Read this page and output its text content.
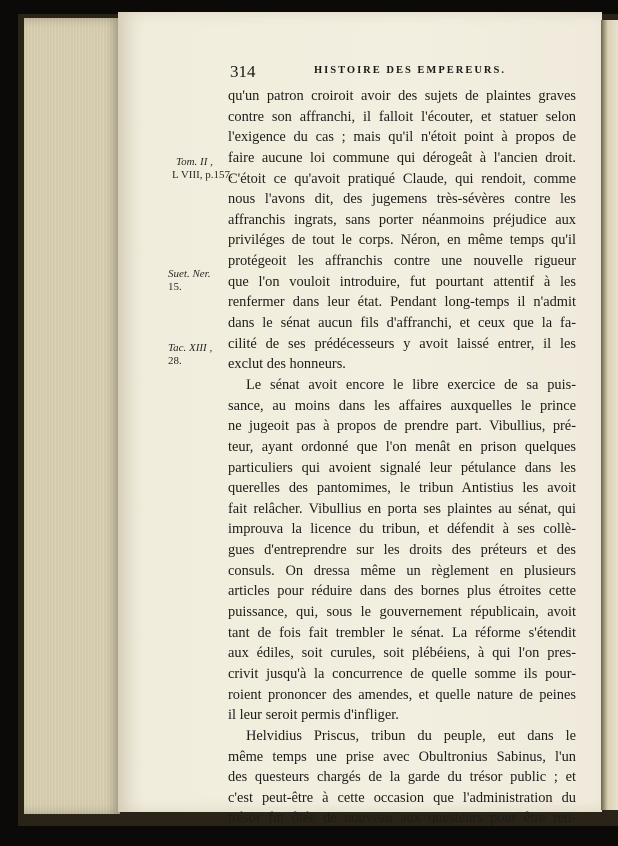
314	HISTOIRE DES EMPEREURS.
Tom. II ,
L VIII, p.157.
Suet. Ner.
15.
Tac. XIII ,
28.
qu'un patron croiroit avoir des sujets de plaintes graves
contre son affranchi, il falloit l'écouter, et statuer selon
l'exigence du cas ; mais qu'il n'étoit point à propos de
faire aucune loi commune qui dérogeât à l'ancien droit.
C'étoit ce qu'avoit pratiqué Claude, qui rendoit, comme
nous l'avons dit, des jugemens très-sévères contre les
affranchis ingrats, sans porter néanmoins préjudice aux
priviléges de tout le corps. Néron, en même temps qu'il
protégeoit les affranchis contre une nouvelle rigueur
que l'on vouloit introduire, fut pourtant attentif à les
renfermer dans leur état. Pendant long-temps il n'admit
dans le sénat aucun fils d'affranchi, et ceux que la fa-
cilité de ses prédécesseurs y avoit laissé entrer, il les
exclut des honneurs.
Le sénat avoit encore le libre exercice de sa puis-
sance, au moins dans les affaires auxquelles le prince
ne jugeoit pas à propos de prendre part. Vibullius, pré-
teur, ayant ordonné que l'on menât en prison quelques
particuliers qui avoient signalé leur pétulance dans les
querelles des pantomimes, le tribun Antistius les avoit
fait relâcher. Vibullius en porta ses plaintes au sénat, qui
improuva la licence du tribun, et défendit à ses collè-
gues d'entreprendre sur les droits des préteurs et des
consuls. On dressa même un règlement en plusieurs
articles pour réduire dans des bornes plus étroites cette
puissance, qui, sous le gouvernement républicain, avoit
tant de fois fait trembler le sénat. La réforme s'étendit
aux édiles, soit curules, soit plébéiens, à qui l'on pres-
crivit jusqu'à la concurrence de quelle somme ils pour-
roient prononcer des amendes, et quelle nature de peines
il leur seroit permis d'infliger.
Helvidius Priscus, tribun du peuple, eut dans le
même temps une prise avec Obultronius Sabinus, l'un
des questeurs chargés de la garde du trésor public ; et
c'est peut-être à cette occasion que l'administration du
trésor fut ôtée de nouveau aux questeurs pour être ren-
